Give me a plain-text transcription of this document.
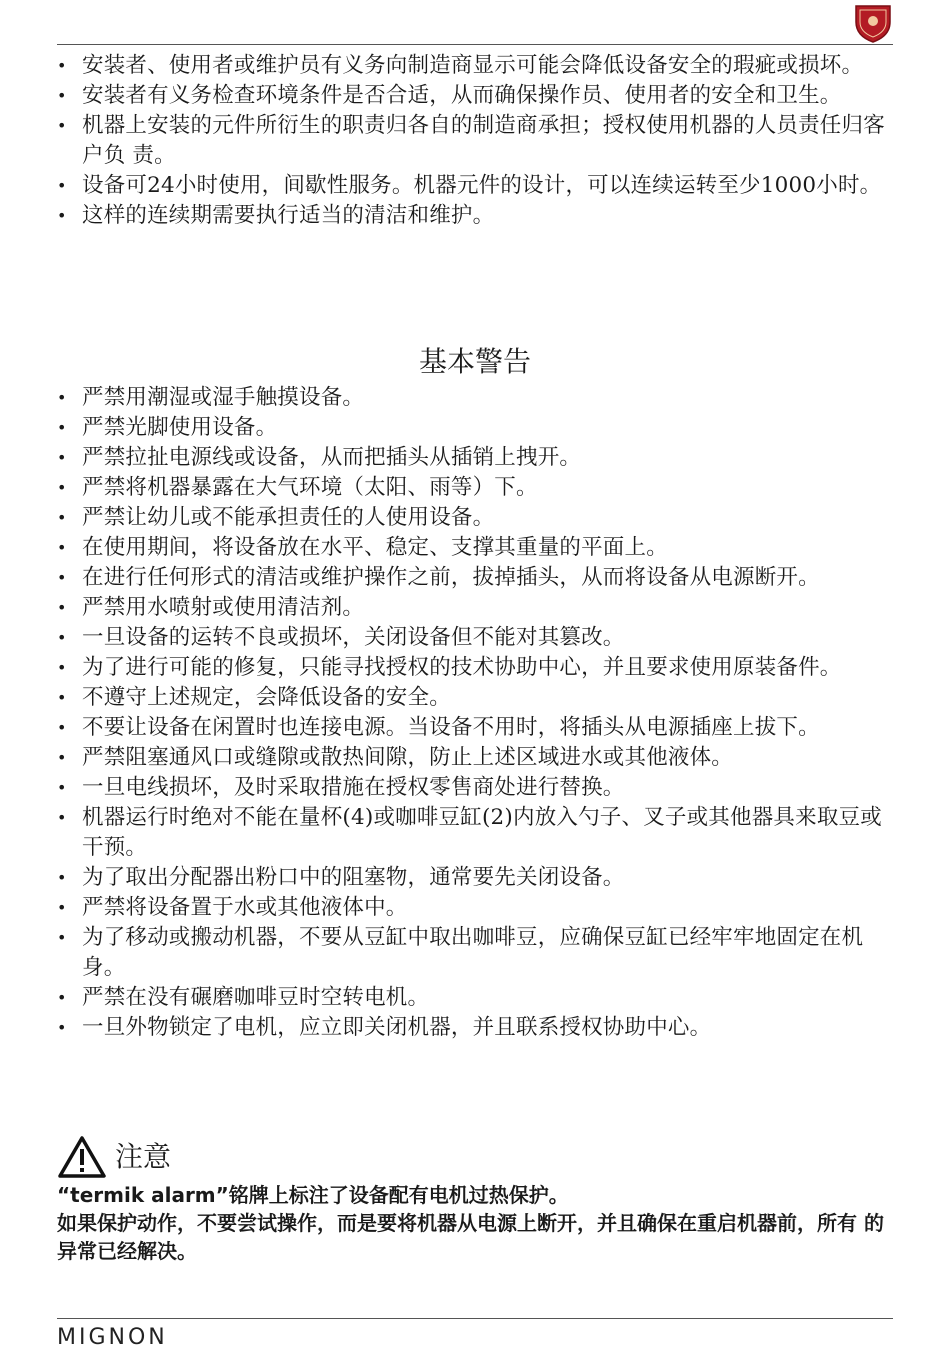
• 安装者、使用者或维护员有义务向制造商显示可能会降低设备安全的瑕疵或损坏。
• 安装者有义务检查环境条件是否合适，从而确保操作员、使用者的安全和卫生。
• 机器上安装的元件所衍生的职责归各自的制造商承担；授权使用机器的人员责任归客户负 责。
• 设备可24小时使用，间歇性服务。机器元件的设计，可以连续运转至少1000小时。
• 这样的连续期需要执行适当的清洁和维护。
基本警告
• 严禁用潮湿或湿手触摸设备。
• 严禁光脚使用设备。
• 严禁拉扯电源线或设备，从而把插头从插销上拽开。
• 严禁将机器暴露在大气环境（太阳、雨等）下。
• 严禁让幼儿或不能承担责任的人使用设备。
• 在使用期间，将设备放在水平、稳定、支撑其重量的平面上。
• 在进行任何形式的清洁或维护操作之前，拔掉插头，从而将设备从电源断开。
• 严禁用水喷射或使用清洁剂。
• 一旦设备的运转不良或损坏，关闭设备但不能对其篡改。
• 为了进行可能的修复，只能寻找授权的技术协助中心，并且要求使用原装备件。
• 不遵守上述规定，会降低设备的安全。
• 不要让设备在闲置时也连接电源。当设备不用时，将插头从电源插座上拔下。
• 严禁阻塞通风口或缝隙或散热间隙，防止上述区域进水或其他液体。
• 一旦电线损坏，及时采取措施在授权零售商处进行替换。
• 机器运行时绝对不能在量杯(4)或咖啡豆缸(2)内放入勺子、叉子或其他器具来取豆或干预。
• 为了取出分配器出粉口中的阻塞物，通常要先关闭设备。
• 严禁将设备置于水或其他液体中。
• 为了移动或搬动机器，不要从豆缸中取出咖啡豆，应确保豆缸已经牢牢地固定在机身。
• 严禁在没有碾磨咖啡豆时空转电机。
• 一旦外物锁定了电机，应立即关闭机器，并且联系授权协助中心。
注意

“termik alarm”铭牌上标注了设备配有电机过热保护。

如果保护动作，不要尝试操作，而是要将机器从电源上断开，并且确保在重启机器前，所有 的异常已经解决。

MIGNON
